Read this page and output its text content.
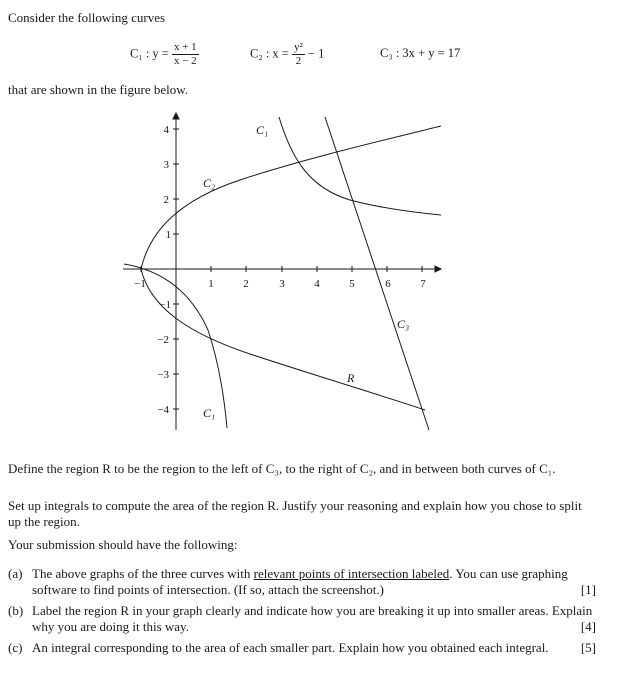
Consider the following curves
C₁ : $y = \frac{x + 1}{x - 2}$	C₂ : $x = \frac{\text{y²}}{2} - 1$	C₃ : 3x + y = 17
that are shown in the figure below.
−1	1	2	3	4	5	6	7
4
3
2
1
−1
−2
−3
−4
C₁
C₂
C₃
R
C₁
Define the region R to be the region to the left of C₃, to the right of C₂, and in between both curves of C₁.
Set up integrals to compute the area of the region R. Justify your reasoning and explain how you chose to split up the region.
Your submission should have the following:
(a) The above graphs of the three curves with relevant points of intersection labeled. You can use graphing software to find points of intersection. (If so, attach the screenshot.)	[1]
(b) Label the region R in your graph clearly and indicate how you are breaking it up into smaller areas. Explain why you are doing it this way.	[4]
(c) An integral corresponding to the area of each smaller part. Explain how you obtained each integral.	[5]
